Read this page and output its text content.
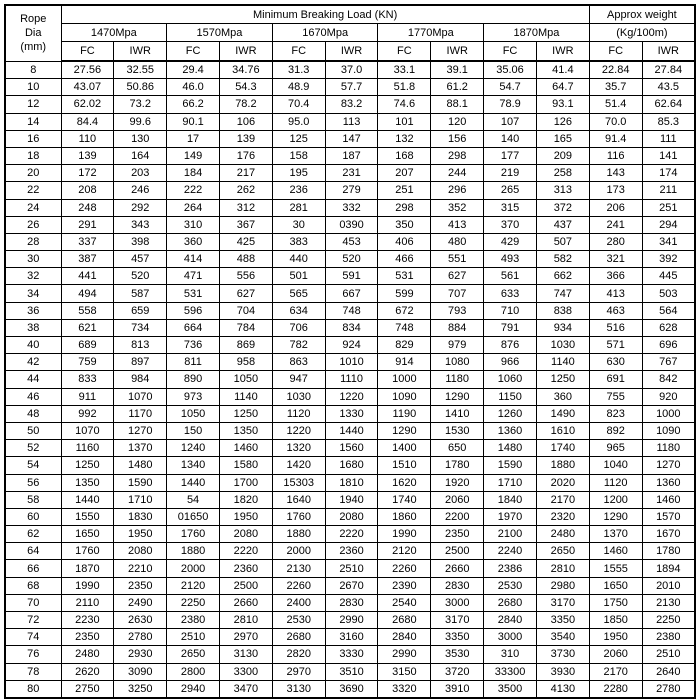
Rope
Dia
(mm)	Minimum Breaking Load (KN)										Approx weight	
	1470Mpa		1570Mpa		1670Mpa		1770Mpa		1870Mpa		(Kg/100m)	
	FC	IWR	FC	IWR	FC	IWR	FC	IWR	FC	IWR	FC	IWR
8	27.56	32.55	29.4	34.76	31.3	37.0	33.1	39.1	35.06	41.4	22.84	27.84
10	43.07	50.86	46.0	54.3	48.9	57.7	51.8	61.2	54.7	64.7	35.7	43.5
12	62.02	73.2	66.2	78.2	70.4	83.2	74.6	88.1	78.9	93.1	51.4	62.64
14	84.4	99.6	90.1	106	95.0	113	101	120	107	126	70.0	85.3
16	110	130	17	139	125	147	132	156	140	165	91.4	111
18	139	164	149	176	158	187	168	298	177	209	116	141
20	172	203	184	217	195	231	207	244	219	258	143	174
22	208	246	222	262	236	279	251	296	265	313	173	211
24	248	292	264	312	281	332	298	352	315	372	206	251
26	291	343	310	367	30	0390	350	413	370	437	241	294
28	337	398	360	425	383	453	406	480	429	507	280	341
30	387	457	414	488	440	520	466	551	493	582	321	392
32	441	520	471	556	501	591	531	627	561	662	366	445
34	494	587	531	627	565	667	599	707	633	747	413	503
36	558	659	596	704	634	748	672	793	710	838	463	564
38	621	734	664	784	706	834	748	884	791	934	516	628
40	689	813	736	869	782	924	829	979	876	1030	571	696
42	759	897	811	958	863	1010	914	1080	966	1140	630	767
44	833	984	890	1050	947	1110	1000	1180	1060	1250	691	842
46	911	1070	973	1140	1030	1220	1090	1290	1150	360	755	920
48	992	1170	1050	1250	1120	1330	1190	1410	1260	1490	823	1000
50	1070	1270	150	1350	1220	1440	1290	1530	1360	1610	892	1090
52	1160	1370	1240	1460	1320	1560	1400	650	1480	1740	965	1180
54	1250	1480	1340	1580	1420	1680	1510	1780	1590	1880	1040	1270
56	1350	1590	1440	1700	15303	1810	1620	1920	1710	2020	1120	1360
58	1440	1710	54	1820	1640	1940	1740	2060	1840	2170	1200	1460
60	1550	1830	01650	1950	1760	2080	1860	2200	1970	2320	1290	1570
62	1650	1950	1760	2080	1880	2220	1990	2350	2100	2480	1370	1670
64	1760	2080	1880	2220	2000	2360	2120	2500	2240	2650	1460	1780
66	1870	2210	2000	2360	2130	2510	2260	2660	2386	2810	1555	1894
68	1990	2350	2120	2500	2260	2670	2390	2830	2530	2980	1650	2010
70	2110	2490	2250	2660	2400	2830	2540	3000	2680	3170	1750	2130
72	2230	2630	2380	2810	2530	2990	2680	3170	2840	3350	1850	2250
74	2350	2780	2510	2970	2680	3160	2840	3350	3000	3540	1950	2380
76	2480	2930	2650	3130	2820	3330	2990	3530	310	3730	2060	2510
78	2620	3090	2800	3300	2970	3510	3150	3720	33300	3930	2170	2640
80	2750	3250	2940	3470	3130	3690	3320	3910	3500	4130	2280	2780
